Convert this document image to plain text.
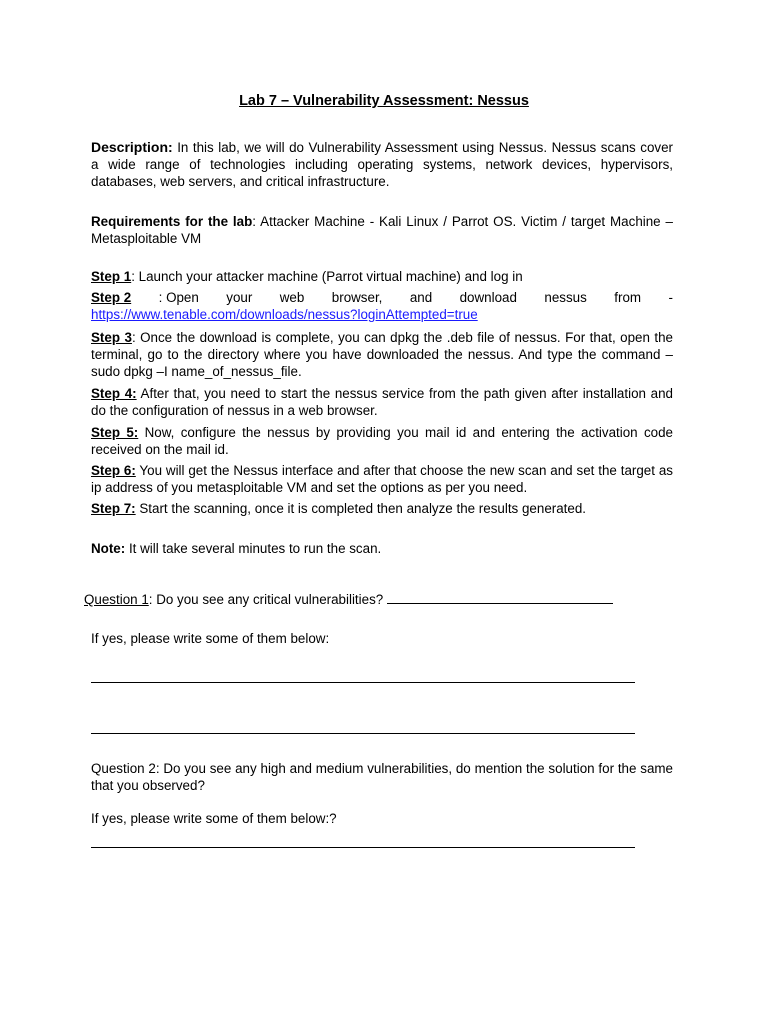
Lab 7 – Vulnerability Assessment: Nessus
Description: In this lab, we will do Vulnerability Assessment using Nessus. Nessus scans cover a wide range of technologies including operating systems, network devices, hypervisors, databases, web servers, and critical infrastructure.
Requirements for the lab: Attacker Machine - Kali Linux / Parrot OS. Victim / target Machine – Metasploitable VM
Step 1: Launch your attacker machine (Parrot virtual machine) and log in
Step 2 : Open your web browser, and download nessus from -
https://www.tenable.com/downloads/nessus?loginAttempted=true
Step 3: Once the download is complete, you can dpkg the .deb file of nessus. For that, open the terminal, go to the directory where you have downloaded the nessus. And type the command – sudo dpkg –I name_of_nessus_file.
Step 4: After that, you need to start the nessus service from the path given after installation and do the configuration of nessus in a web browser.
Step 5: Now, configure the nessus by providing you mail id and entering the activation code received on the mail id.
Step 6: You will get the Nessus interface and after that choose the new scan and set the target as ip address of you metasploitable VM and set the options as per you need.
Step 7: Start the scanning, once it is completed then analyze the results generated.
Note: It will take several minutes to run the scan.
Question 1: Do you see any critical vulnerabilities?
If yes, please write some of them below:
Question 2: Do you see any high and medium vulnerabilities, do mention the solution for the same that you observed?
If yes, please write some of them below:?
